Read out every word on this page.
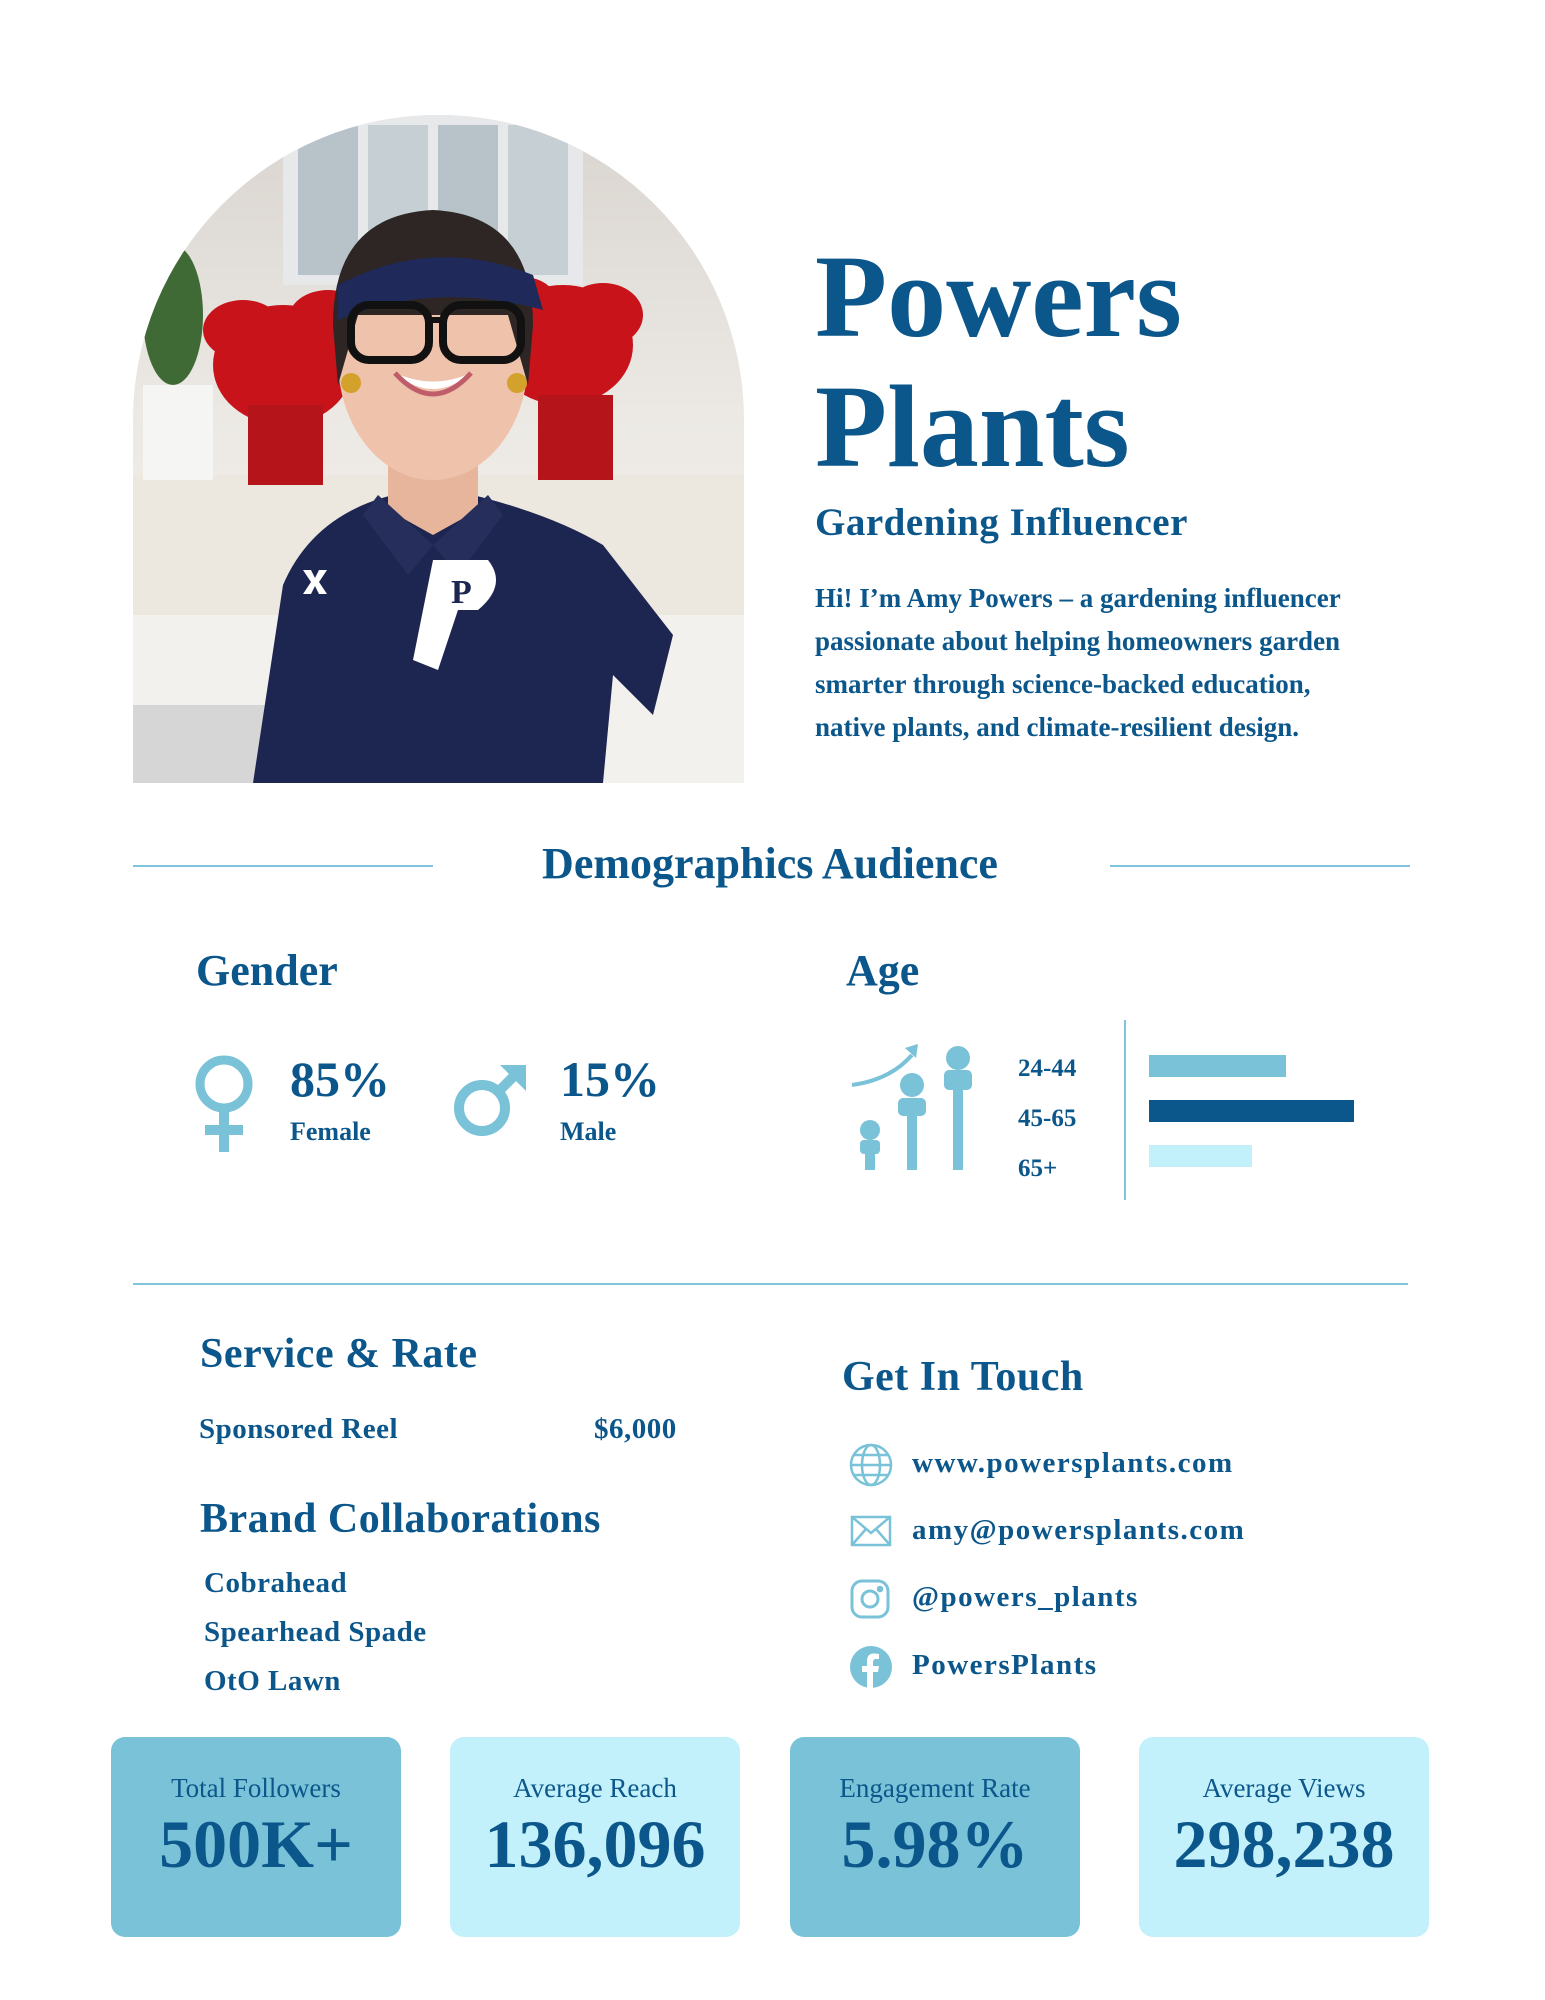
P
Powers
Plants
Gardening Influencer
Hi! I’m Amy Powers – a gardening influencer passionate about helping homeowners garden smarter through science-backed education, native plants, and climate-resilient design.
Demographics Audience
Gender
85%
Female
15%
Male
Age
24-44
45-65
65+
Service & Rate
Sponsored Reel	$6,000
Brand Collaborations
Cobrahead
Spearhead Spade
OtO Lawn
Get In Touch
www.powersplants.com
amy@powersplants.com
@powers_plants
PowersPlants
Total Followers
500K+
Average Reach
136,096
Engagement Rate
5.98%
Average Views
298,238
